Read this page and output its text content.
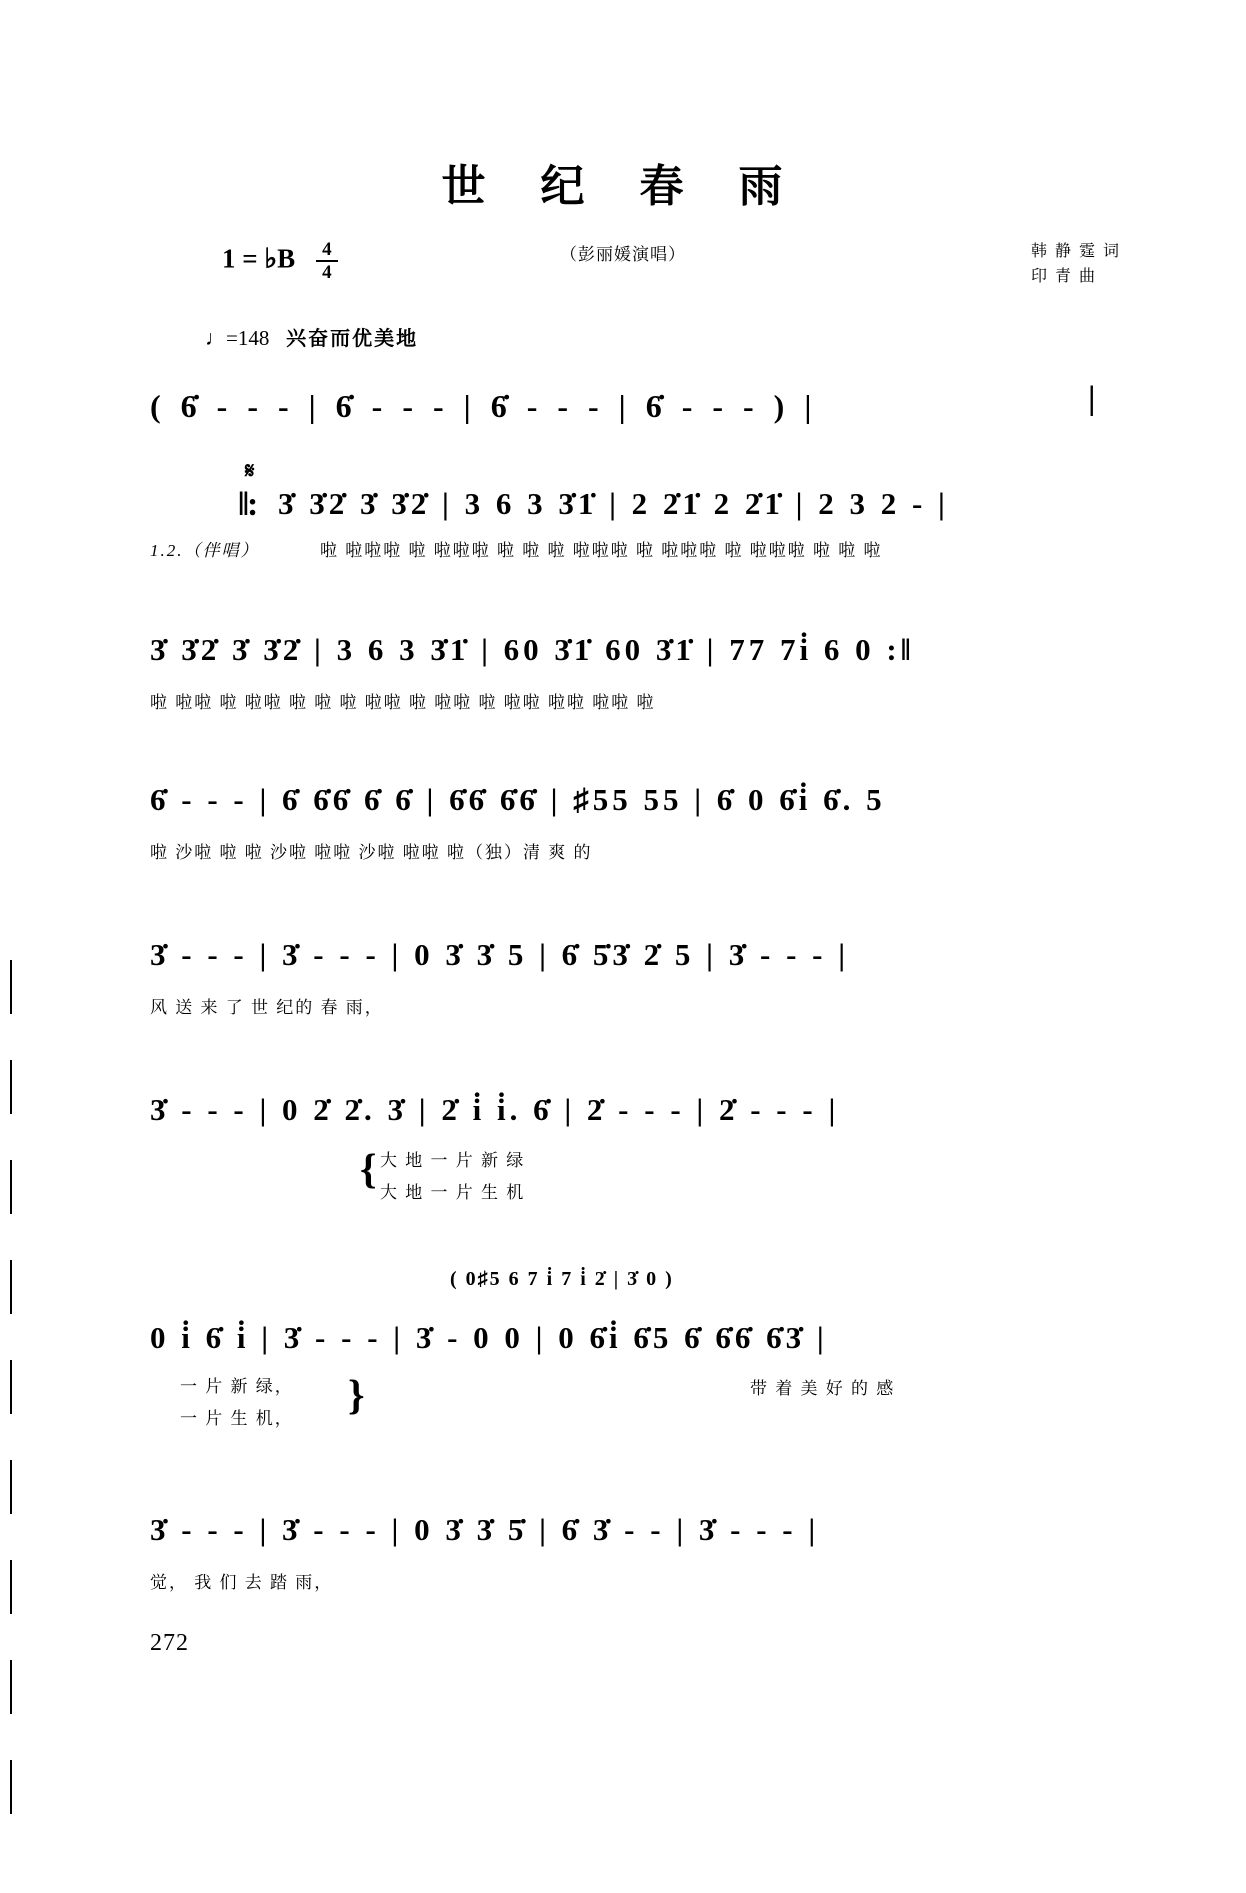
世 纪 春 雨
（彭丽媛演唱）
1 = ♭B $\frac{4}{4}$	韩 静 霆 词
印 青 曲
♩=148 兴奋而优美地
( 6̇ - - - | 6̇ - - - | 6̇ - - - | 6̇ - - - ) |	|
𝄋
‖: 3̇ 3̇2̇ 3̇ 3̇2̇ | 3 6 3 3̇1̇ | 2 2̇1̇ 2 2̇1̇ | 2 3 2 - |
1.2.（伴唱）	啦 啦啦啦 啦 啦啦啦 啦 啦 啦 啦啦啦 啦 啦啦啦 啦 啦啦啦 啦 啦 啦
3̇ 3̇2̇ 3̇ 3̇2̇ | 3 6 3 3̇1̇ | 60 3̇1̇ 60 3̇1̇ | 77 7i̇ 6 0 :‖
啦 啦啦 啦 啦啦 啦 啦 啦 啦啦 啦 啦啦 啦 啦啦 啦啦 啦啦 啦
6̇ - - - | 6̇ 6̇6̇ 6̇ 6̇ | 6̇6̇ 6̇6̇ | ♯55 55 | 6̇ 0 6̇i̇ 6̇. 5
啦 沙啦 啦 啦 沙啦 啦啦 沙啦 啦啦 啦（独）清 爽 的
3̇ - - - | 3̇ - - - | 0 3̇ 3̇ 5 | 6̇ 5̇3̇ 2̇ 5 | 3̇ - - - |
风 送 来 了 世 纪的 春 雨，
3̇ - - - | 0 2̇ 2̇. 3̇ | 2̇ i̇ i̇. 6̇ | 2̇ - - - | 2̇ - - - |
{ 大 地 一 片 新 绿
大 地 一 片 生 机
( 0♯5 6 7 i̇ 7 i̇ 2̇ | 3̇ 0 )
0 i̇ 6̇ i̇ | 3̇ - - - | 3̇ - 0 0 | 0 6̇i̇ 6̇5 6̇ 6̇6̇ 6̇3̇ |
一 片 新 绿，
一 片 生 机， }	带 着 美 好 的 感
3̇ - - - | 3̇ - - - | 0 3̇ 3̇ 5̇ | 6̇ 3̇ - - | 3̇ - - - |
觉， 我 们 去 踏 雨，
272
